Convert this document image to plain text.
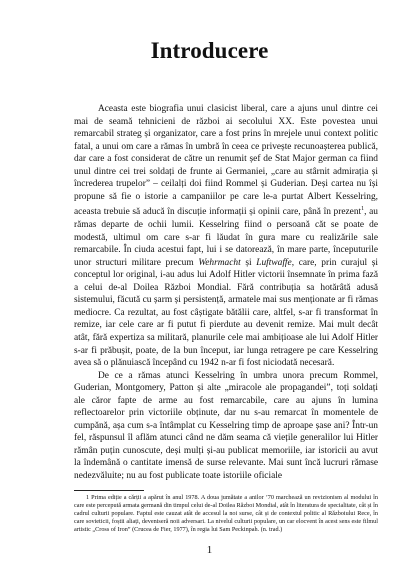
Introducere

Aceasta este biografia unui clasicist liberal, care a ajuns unul dintre cei mai de seamă tehnicieni de război ai secolului XX. Este povestea unui remarcabil strateg și organizator, care a fost prins în mrejele unui context politic fatal, a unui om care a rămas în umbră în ceea ce privește recunoașterea publică, dar care a fost considerat de către un renumit șef de Stat Major german ca fiind unul dintre cei trei soldați de frunte ai Germaniei, „care au stârnit admirația și încrederea trupelor” – ceilalți doi fiind Rommel și Guderian. Deși cartea nu își propune să fie o istorie a campaniilor pe care le-a purtat Albert Kesselring, aceasta trebuie să aducă în discuție informații și opinii care, până în prezent$^1$, au rămas departe de ochii lumii. Kesselring fiind o persoană căt se poate de modestă, ultimul om care s-ar fi lăudat în gura mare cu realizările sale remarcabile. În ciuda acestui fapt, lui i se datorează, în mare parte, începuturile unor structuri militare precum Wehrmacht și Luftwaffe, care, prin curajul și conceptul lor original, i-au adus lui Adolf Hitler victorii însemnate în prima fază a celui de-al Doilea Război Mondial. Fără contribuția sa hotărâtă adusă sistemului, făcută cu șarm și persistență, armatele mai sus menționate ar fi rămas mediocre. Ca rezultat, au fost câștigate bătălii care, altfel, s-ar fi transformat în remize, iar cele care ar fi putut fi pierdute au devenit remize. Mai mult decât atât, fără expertiza sa militară, planurile cele mai ambițioase ale lui Adolf Hitler s-ar fi prăbușit, poate, de la bun început, iar lunga retragere pe care Kesselring avea să o plănuiască începând cu 1942 n-ar fi fost niciodată necesară.

De ce a rămas atunci Kesselring în umbra unora precum Rommel, Guderian, Montgomery, Patton și alte „miracole ale propagandei”, toți soldați ale căror fapte de arme au fost remarcabile, care au ajuns în lumina reflectoarelor prin victoriile obținute, dar nu s-au remarcat în momentele de cumpănă, așa cum s-a întâmplat cu Kesselring timp de aproape șase ani? Într-un fel, răspunsul îl aflăm atunci când ne dăm seama că viețile generalilor lui Hitler rămân puțin cunoscute, deși mulți și-au publicat memoriile, iar istoricii au avut la îndemână o cantitate imensă de surse relevante. Mai sunt încă lucruri rămase nedezvăluite; nu au fost publicate toate istoriile oficiale

1 Prima ediție a cărții a apărut în anul 1978. A doua jumătate a anilor ’70 marchează un revizionism al modului în care este percepută armata germană din timpul celui de-al Doilea Război Mondial, atât în literatura de specialitate, cât și în cadrul culturii populare. Faptul este cauzat atât de accesul la noi surse, cât și de contextul politic al Războiului Rece, în care sovieticii, foștii aliați, deveniseră noii adversari. La nivelul culturii populare, un car elocvent în acest sens este filmul artistic „Cross of Iron” (Crucea de Fier, 1977), în regia lui Sam Peckinpah. (n. trad.)

1
